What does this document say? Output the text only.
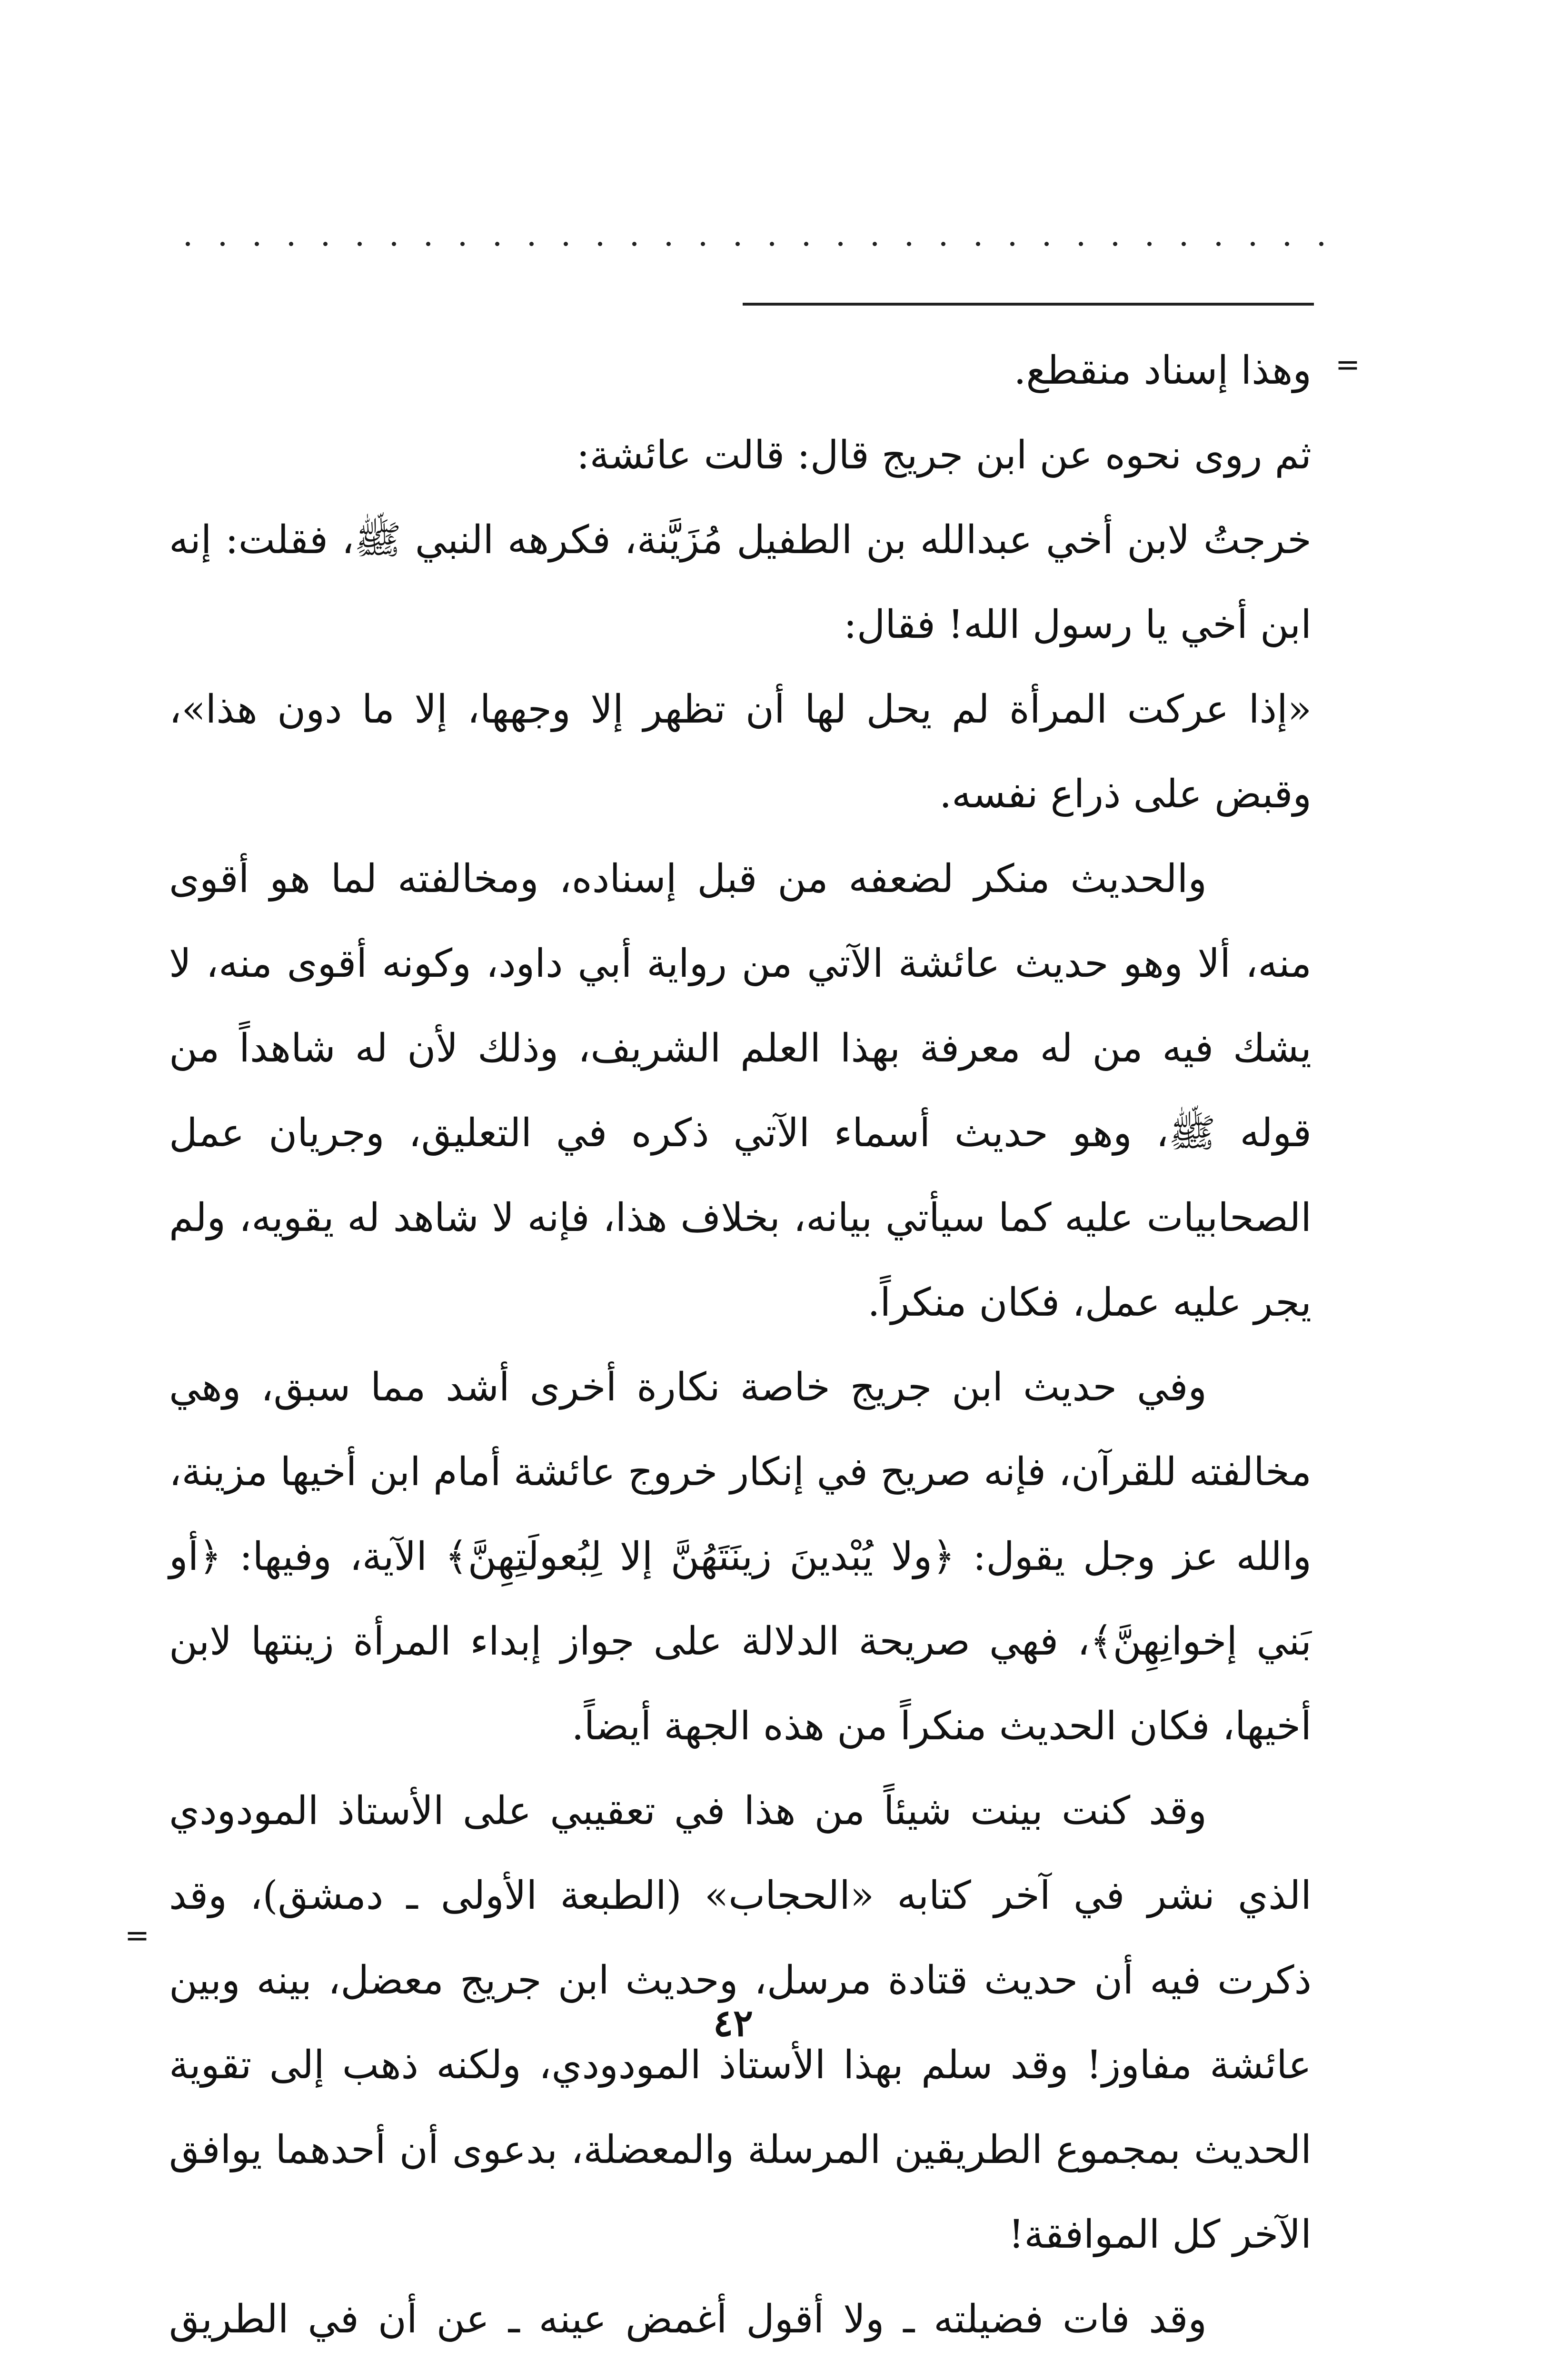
=

وهذا إسناد منقطع.

ثم روى نحوه عن ابن جريج قال: قالت عائشة:

خرجتُ لابن أخي عبدالله بن الطفيل مُزَيَّنة، فكرهه النبي ﷺ، فقلت: إنه ابن أخي يا رسول الله! فقال:

«إذا عركت المرأة لم يحل لها أن تظهر إلا وجهها، إلا ما دون هذا»، وقبض على ذراع نفسه.

والحديث منكر لضعفه من قبل إسناده، ومخالفته لما هو أقوى منه، ألا وهو حديث عائشة الآتي من رواية أبي داود، وكونه أقوى منه، لا يشك فيه من له معرفة بهذا العلم الشريف، وذلك لأن له شاهداً من قوله ﷺ، وهو حديث أسماء الآتي ذكره في التعليق، وجريان عمل الصحابيات عليه كما سيأتي بيانه، بخلاف هذا، فإنه لا شاهد له يقويه، ولم يجر عليه عمل، فكان منكراً.

وفي حديث ابن جريج خاصة نكارة أخرى أشد مما سبق، وهي مخالفته للقرآن، فإنه صريح في إنكار خروج عائشة أمام ابن أخيها مزينة، والله عز وجل يقول: ﴿ولا يُبْدينَ زينَتَهُنَّ إلا لِبُعولَتِهِنَّ﴾ الآية، وفيها: ﴿أو بَني إخوانِهِنَّ﴾، فهي صريحة الدلالة على جواز إبداء المرأة زينتها لابن أخيها، فكان الحديث منكراً من هذه الجهة أيضاً.

وقد كنت بينت شيئاً من هذا في تعقيبي على الأستاذ المودودي الذي نشر في آخر كتابه «الحجاب» (الطبعة الأولى ـ دمشق)، وقد ذكرت فيه أن حديث قتادة مرسل، وحديث ابن جريج معضل، بينه وبين عائشة مفاوز! وقد سلم بهذا الأستاذ المودودي، ولكنه ذهب إلى تقوية الحديث بمجموع الطريقين المرسلة والمعضلة، بدعوى أن أحدهما يوافق الآخر كل الموافقة!

وقد فات فضيلته ـ ولا أقول أغمض عينه ـ عن أن في الطريق

=
٤٢
